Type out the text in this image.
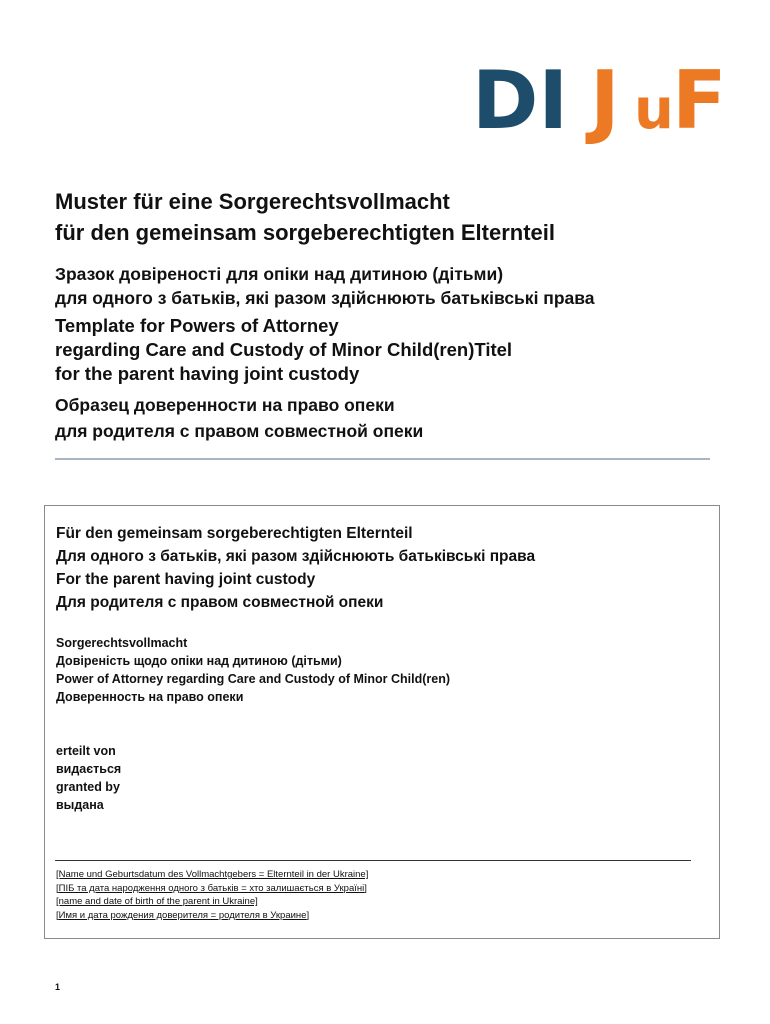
DI J u
F
Muster für eine Sorgerechtsvollmacht
für den gemeinsam sorgeberechtigten Elternteil
Зразок довіреності для опіки над дитиною (дітьми)
для одного з батьків, які разом здійснюють батьківські права
Template for Powers of Attorney
regarding Care and Custody of Minor Child(ren)Titel
for the parent having joint custody
Образец доверенности на право опеки
для родителя с правом совместной опеки
Für den gemeinsam sorgeberechtigten Elternteil
Для одного з батьків, які разом здійснюють батьківські права
For the parent having joint custody
Для родителя с правом совместной опеки
Sorgerechtsvollmacht
Довіреність щодо опіки над дитиною (дітьми)
Power of Attorney regarding Care and Custody of Minor Child(ren)
Доверенность на право опеки
erteilt von
видається
granted by
выдана
[Name und Geburtsdatum des Vollmachtgebers = Elternteil in der Ukraine]
[ПІБ та дата народження одного з батьків = хто залишається в Україні]
[name and date of birth of the parent in Ukraine]
[Имя и дата рождения доверителя = родителя в Украине]
1
